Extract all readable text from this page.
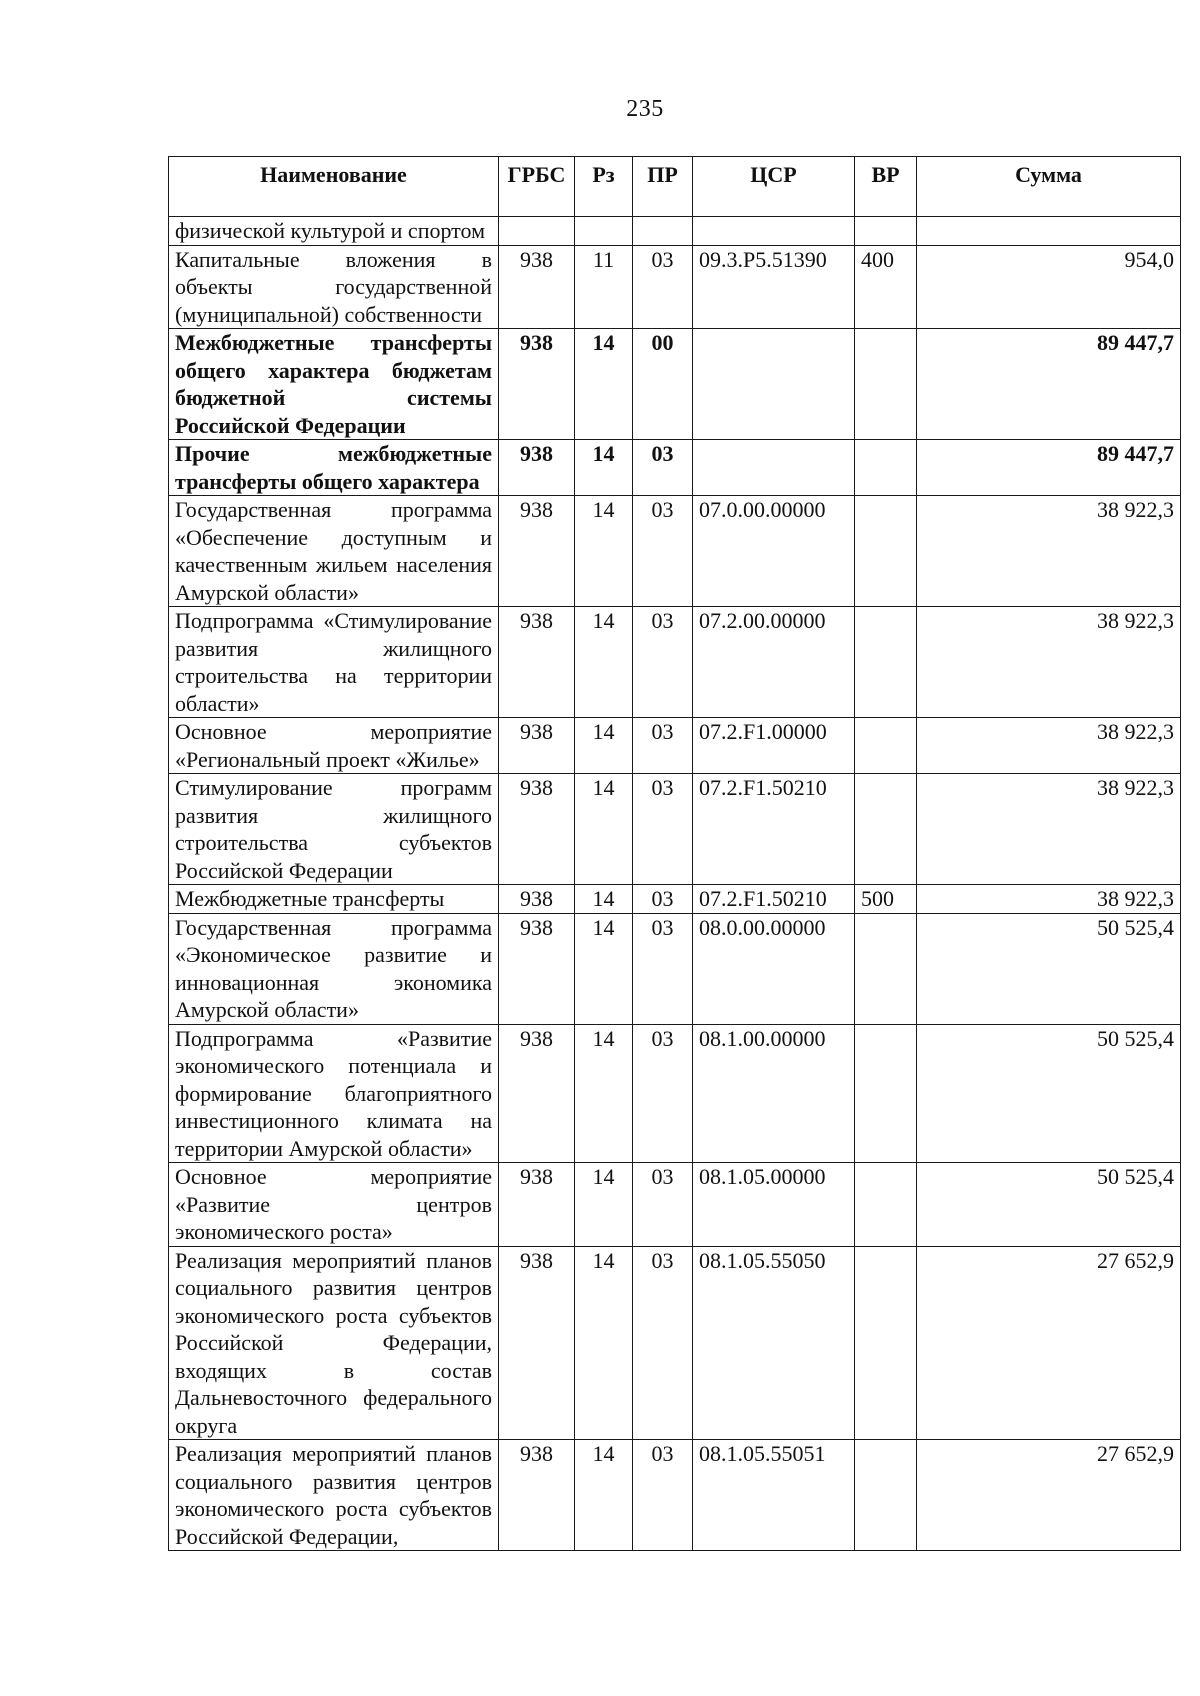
235
Наименование	ГРБС	Рз	ПР	ЦСР	ВР	Сумма
физической культурой и спортом						
Капитальные вложения в объекты государственной (муниципальной) собственности	938	11	03	09.3.P5.51390	400	954,0
Межбюджетные трансферты общего характера бюджетам бюджетной системы Российской Федерации	938	14	00			89 447,7
Прочие межбюджетные трансферты общего характера	938	14	03			89 447,7
Государственная программа «Обеспечение доступным и качественным жильем населения Амурской области»	938	14	03	07.0.00.00000		38 922,3
Подпрограмма «Стимулирование развития жилищного строительства на территории области»	938	14	03	07.2.00.00000		38 922,3
Основное мероприятие «Региональный проект «Жилье»	938	14	03	07.2.F1.00000		38 922,3
Стимулирование программ развития жилищного строительства субъектов Российской Федерации	938	14	03	07.2.F1.50210		38 922,3
Межбюджетные трансферты	938	14	03	07.2.F1.50210	500	38 922,3
Государственная программа «Экономическое развитие и инновационная экономика Амурской области»	938	14	03	08.0.00.00000		50 525,4
Подпрограмма «Развитие экономического потенциала и формирование благоприятного инвестиционного климата на территории Амурской области»	938	14	03	08.1.00.00000		50 525,4
Основное мероприятие «Развитие центров экономического роста»	938	14	03	08.1.05.00000		50 525,4
Реализация мероприятий планов социального развития центров экономического роста субъектов Российской Федерации, входящих в состав Дальневосточного федерального округа	938	14	03	08.1.05.55050		27 652,9
Реализация мероприятий планов социального развития центров экономического роста субъектов Российской Федерации,	938	14	03	08.1.05.55051		27 652,9
